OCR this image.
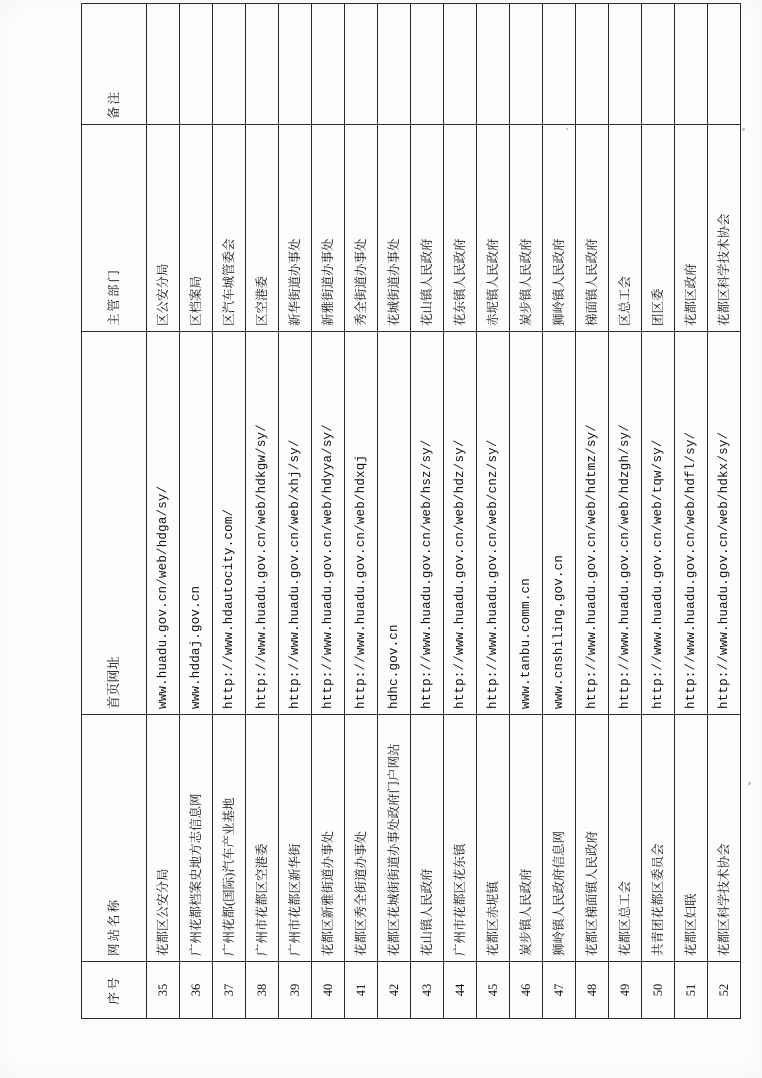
序号	网站名称	首页网址	主管部门	备注
35	花都区公安分局	www.huadu.gov.cn/web/hdga/sy/	区公安分局	
36	广州花都档案史地方志信息网	www.hddaj.gov.cn	区档案局	
37	广州花都(国际)汽车产业基地	http://www.hdautocity.com/	区汽车城管委会	
38	广州市花都区空港委	http://www.huadu.gov.cn/web/hdkgw/sy/	区空港委	
39	广州市花都区新华街	http://www.huadu.gov.cn/web/xhj/sy/	新华街道办事处	
40	花都区新雅街道办事处	http://www.huadu.gov.cn/web/hdyya/sy/	新雅街道办事处	
41	花都区秀全街道办事处	http://www.huadu.gov.cn/web/hdxqj	秀全街道办事处	
42	花都区花城街街道办事处政府门户网站	hdhc.gov.cn	花城街道办事处	
43	花山镇人民政府	http://www.huadu.gov.cn/web/hsz/sy/	花山镇人民政府	
44	广州市花都区花东镇	http://www.huadu.gov.cn/web/hdz/sy/	花东镇人民政府	
45	花都区赤坭镇	http://www.huadu.gov.cn/web/cnz/sy/	赤坭镇人民政府	
46	炭步镇人民政府	www.tanbu.comm.cn	炭步镇人民政府	
47	狮岭镇人民政府信息网	www.cnshiling.gov.cn	狮岭镇人民政府	
48	花都区梯面镇人民政府	http://www.huadu.gov.cn/web/hdtmz/sy/	梯面镇人民政府	
49	花都区总工会	http://www.huadu.gov.cn/web/hdzgh/sy/	区总工会	
50	共青团花都区委员会	http://www.huadu.gov.cn/web/tqw/sy/	团区委	
51	花都区妇联	http://www.huadu.gov.cn/web/hdfl/sy/	花都区政府	
52	花都区科学技术协会	http://www.huadu.gov.cn/web/hdkx/sy/	花都区科学技术协会	
